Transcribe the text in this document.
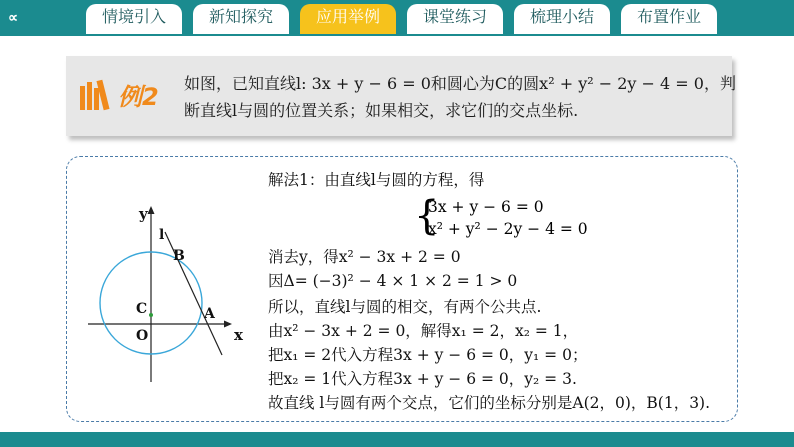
∝	情境引入	新知探究	应用举例	课堂练习	梳理小结	布置作业
例2 如图，已知直线l: 3x + y − 6 = 0和圆心为C的圆x² + y² − 2y − 4 = 0，判

断直线l与圆的位置关系；如果相交，求它们的交点坐标.

y
x
l
B
C
O
A
解法1：由直线l与圆的方程，得
{
3x + y − 6 = 0
x² + y² − 2y − 4 = 0
消去y，得x² − 3x + 2 = 0
因Δ= (−3)² − 4 × 1 × 2 = 1 > 0
所以，直线l与圆的相交，有两个公共点.
由x² − 3x + 2 = 0，解得x₁ = 2，x₂ = 1，
把x₁ = 2代入方程3x + y − 6 = 0，y₁ = 0；
把x₂ = 1代入方程3x + y − 6 = 0，y₂ = 3.
故直线 l与圆有两个交点，它们的坐标分别是A(2，0)，B(1，3).
